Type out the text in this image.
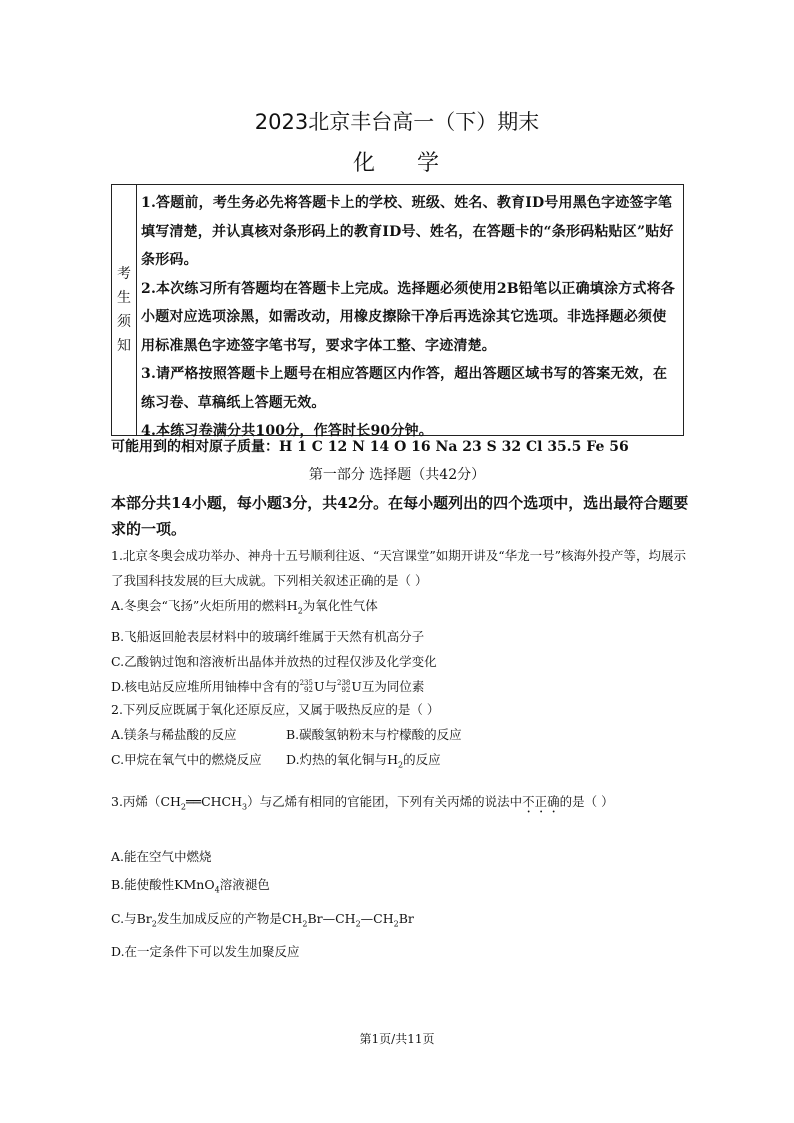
2023北京丰台高一（下）期末
化 学
考
生
须
知

1.答题前，考生务必先将答题卡上的学校、班级、姓名、教育ID号用黑色字迹签字笔填写清楚，并认真核对条形码上的教育ID号、姓名，在答题卡的“条形码粘贴区”贴好条形码。

2.本次练习所有答题均在答题卡上完成。选择题必须使用2B铅笔以正确填涂方式将各小题对应选项涂黑，如需改动，用橡皮擦除干净后再选涂其它选项。非选择题必须使用标准黑色字迹签字笔书写，要求字体工整、字迹清楚。

3.请严格按照答题卡上题号在相应答题区内作答，超出答题区域书写的答案无效，在练习卷、草稿纸上答题无效。

4.本练习卷满分共100分，作答时长90分钟。

可能用到的相对原子质量：H 1 C 12 N 14 O 16 Na 23 S 32 Cl 35.5 Fe 56
第一部分 选择题（共42分）
本部分共14小题，每小题3分，共42分。在每小题列出的四个选项中，选出最符合题要求的一项。

1.北京冬奥会成功举办、神舟十五号顺利往返、“天宫课堂”如期开讲及“华龙一号”核海外投产等，均展示了我国科技发展的巨大成就。下列相关叙述正确的是（ ）

A.冬奥会“飞扬”火炬所用的燃料$H_2$为氧化性气体

B.飞船返回舱表层材料中的玻璃纤维属于天然有机高分子

C.乙酸钠过饱和溶液析出晶体并放热的过程仅涉及化学变化

D.核电站反应堆所用铀棒中含有的 235
92 U与 238
92 U互为同位素

2.下列反应既属于氧化还原反应，又属于吸热反应的是（ ）

A.镁条与稀盐酸的反应	B.碳酸氢钠粉末与柠檬酸的反应

C.甲烷在氧气中的燃烧反应	D.灼热的氧化铜与$H_2$的反应

3.丙烯$(CH_2══CHCH_3)$与乙烯有相同的官能团，下列有关丙烯的说法中不正确的是（ ）

A.能在空气中燃烧

B.能使酸性KMnO$_4$溶液褪色

C.与$Br_2$发生加成反应的产物是$CH_2Br—CH_2—CH_2Br$

D.在一定条件下可以发生加聚反应

第1页/共11页
